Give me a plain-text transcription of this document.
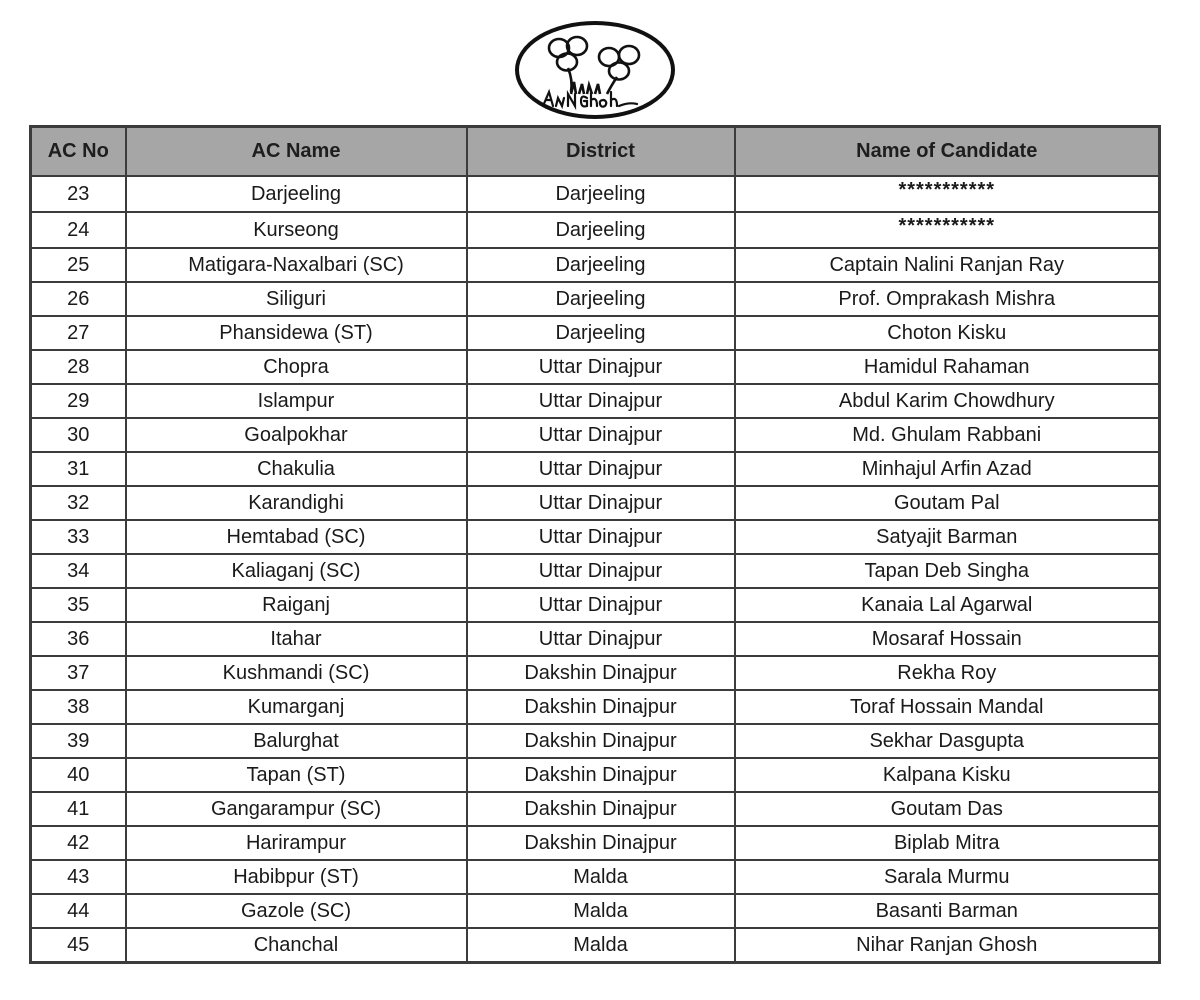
AC No	AC Name	District	Name of Candidate
23	Darjeeling	Darjeeling	***********
24	Kurseong	Darjeeling	***********
25	Matigara-Naxalbari (SC)	Darjeeling	Captain Nalini Ranjan Ray
26	Siliguri	Darjeeling	Prof. Omprakash Mishra
27	Phansidewa (ST)	Darjeeling	Choton Kisku
28	Chopra	Uttar Dinajpur	Hamidul Rahaman
29	Islampur	Uttar Dinajpur	Abdul Karim Chowdhury
30	Goalpokhar	Uttar Dinajpur	Md. Ghulam Rabbani
31	Chakulia	Uttar Dinajpur	Minhajul Arfin Azad
32	Karandighi	Uttar Dinajpur	Goutam Pal
33	Hemtabad (SC)	Uttar Dinajpur	Satyajit Barman
34	Kaliaganj (SC)	Uttar Dinajpur	Tapan Deb Singha
35	Raiganj	Uttar Dinajpur	Kanaia Lal Agarwal
36	Itahar	Uttar Dinajpur	Mosaraf Hossain
37	Kushmandi (SC)	Dakshin Dinajpur	Rekha Roy
38	Kumarganj	Dakshin Dinajpur	Toraf Hossain Mandal
39	Balurghat	Dakshin Dinajpur	Sekhar Dasgupta
40	Tapan (ST)	Dakshin Dinajpur	Kalpana Kisku
41	Gangarampur (SC)	Dakshin Dinajpur	Goutam Das
42	Harirampur	Dakshin Dinajpur	Biplab Mitra
43	Habibpur (ST)	Malda	Sarala Murmu
44	Gazole (SC)	Malda	Basanti Barman
45	Chanchal	Malda	Nihar Ranjan Ghosh
